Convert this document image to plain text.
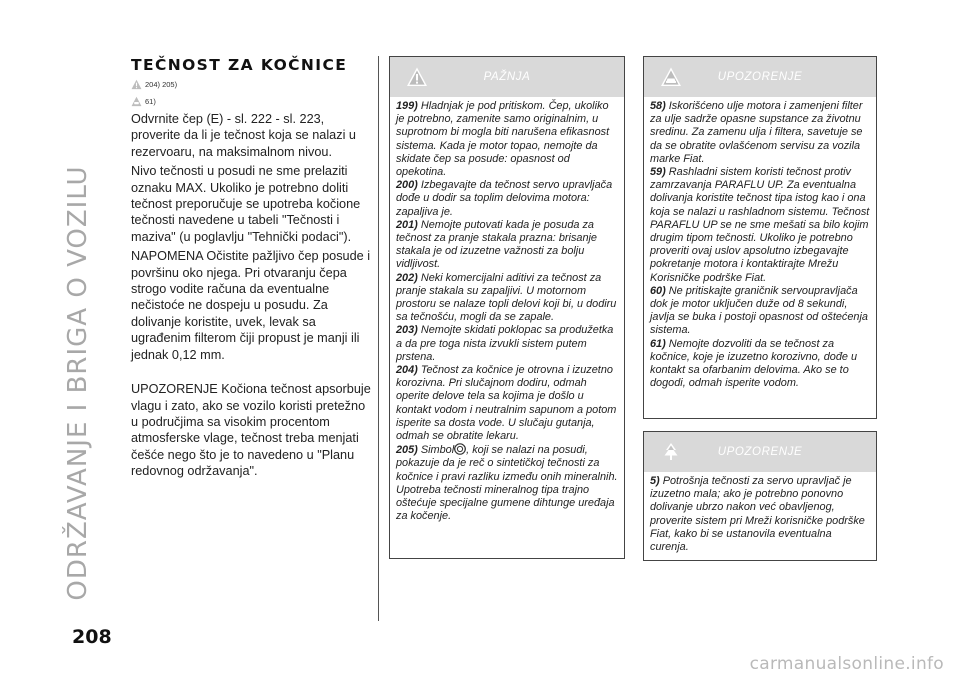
ODRŽAVANJE I BRIGA O VOZILU
TEČNOST ZA KOČNICE
204) 205)
61)

Odvrnite čep (E) - sl. 222 - sl. 223, proverite da li je tečnost koja se nalazi u rezervoaru, na maksimalnom nivou.

Nivo tečnosti u posudi ne sme prelaziti oznaku MAX. Ukoliko je potrebno doliti tečnost preporučuje se upotreba kočione tečnosti navedene u tabeli "Tečnosti i maziva" (u poglavlju "Tehnički podaci").

NAPOMENA Očistite pažljivo čep posude i površinu oko njega. Pri otvaranju čepa strogo vodite računa da eventualne nečistoće ne dospeju u posudu. Za dolivanje koristite, uvek, levak sa ugrađenim filterom čiji propust je manji ili jednak 0,12 mm.

UPOZORENJE Kočiona tečnost apsorbuje vlagu i zato, ako se vozilo koristi pretežno u područjima sa visokim procentom atmosferske vlage, tečnost treba menjati češće nego što je to navedeno u "Planu redovnog održavanja".

PAŽNJA

199) Hladnjak je pod pritiskom. Čep, ukoliko je potrebno, zamenite samo originalnim, u suprotnom bi mogla biti narušena efikasnost sistema. Kada je motor topao, nemojte da skidate čep sa posude: opasnost od opekotina.

200) Izbegavajte da tečnost servo upravljača dođe u dodir sa toplim delovima motora: zapaljiva je.

201) Nemojte putovati kada je posuda za tečnost za pranje stakala prazna: brisanje stakala je od izuzetne važnosti za bolju vidljivost.

202) Neki komercijalni aditivi za tečnost za pranje stakala su zapaljivi. U motornom prostoru se nalaze topli delovi koji bi, u dodiru sa tečnošću, mogli da se zapale.

203) Nemojte skidati poklopac sa produžetka a da pre toga nista izvukli sistem putem prstena.

204) Tečnost za kočnice je otrovna i izuzetno korozivna. Pri slučajnom dodiru, odmah operite delove tela sa kojima je došlo u kontakt vodom i neutralnim sapunom a potom isperite sa dosta vode. U slučaju gutanja, odmah se obratite lekaru.

205) Simbol , koji se nalazi na posudi, pokazuje da je reč o sintetičkoj tečnosti za kočnice i pravi razliku između onih mineralnih. Upotreba tečnosti mineralnog tipa trajno oštećuje specijalne gumene dihtunge uređaja za kočenje.

UPOZORENJE

58) Iskorišćeno ulje motora i zamenjeni filter za ulje sadrže opasne supstance za životnu sredinu. Za zamenu ulja i filtera, savetuje se da se obratite ovlašćenom servisu za vozila marke Fiat.

59) Rashladni sistem koristi tečnost protiv zamrzavanja PARAFLU UP. Za eventualna dolivanja koristite tečnost tipa istog kao i ona koja se nalazi u rashladnom sistemu. Tečnost PARAFLU UP se ne sme mešati sa bilo kojim drugim tipom tečnosti. Ukoliko je potrebno proveriti ovaj uslov apsolutno izbegavajte pokretanje motora i kontaktirajte Mrežu Korisničke podrške Fiat.

60) Ne pritiskajte graničnik servoupravljača dok je motor uključen duže od 8 sekundi, javlja se buka i postoji opasnost od oštećenja sistema.

61) Nemojte dozvoliti da se tečnost za kočnice, koje je izuzetno korozivno, dođe u kontakt sa ofarbanim delovima. Ako se to dogodi, odmah isperite vodom.

UPOZORENJE

5) Potrošnja tečnosti za servo upravljač je izuzetno mala; ako je potrebno ponovno dolivanje ubrzo nakon već obavljenog, proverite sistem pri Mreži korisničke podrške Fiat, kako bi se ustanovila eventualna curenja.

208
carmanualsonline.info
